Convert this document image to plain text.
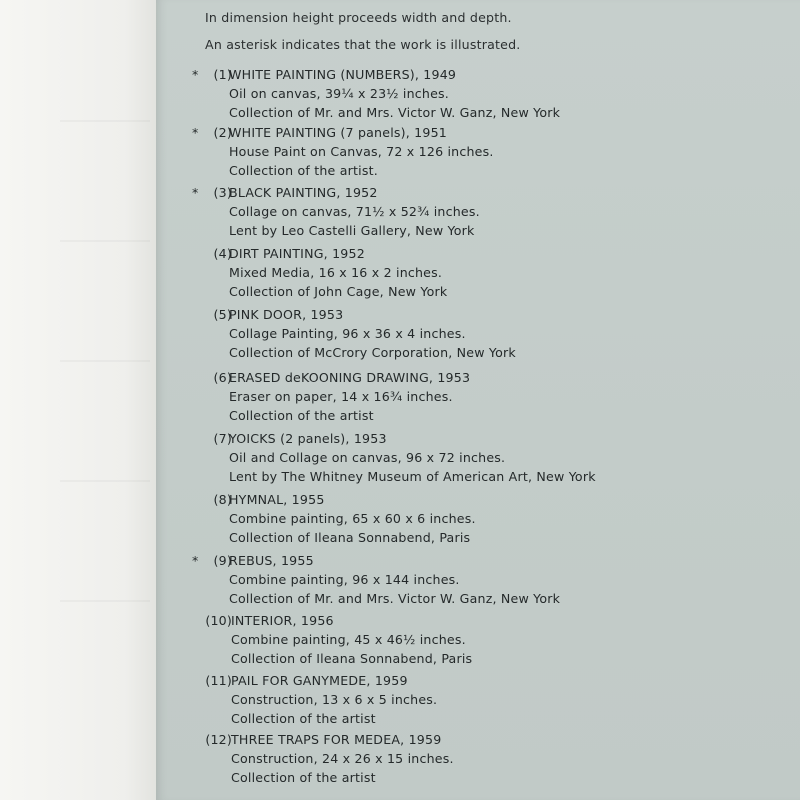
In dimension height proceeds width and depth.
An asterisk indicates that the work is illustrated.
* (1)
WHITE PAINTING (NUMBERS), 1949
Oil on canvas, 39¼ x 23½ inches.
Collection of Mr. and Mrs. Victor W. Ganz, New York
* (2)
WHITE PAINTING (7 panels), 1951
House Paint on Canvas, 72 x 126 inches.
Collection of the artist.
* (3)
BLACK PAINTING, 1952
Collage on canvas, 71½ x 52¾ inches.
Lent by Leo Castelli Gallery, New York
(4)
DIRT PAINTING, 1952
Mixed Media, 16 x 16 x 2 inches.
Collection of John Cage, New York
(5)
PINK DOOR, 1953
Collage Painting, 96 x 36 x 4 inches.
Collection of McCrory Corporation, New York
(6)
ERASED deKOONING DRAWING, 1953
Eraser on paper, 14 x 16¾ inches.
Collection of the artist
(7)
YOICKS (2 panels), 1953
Oil and Collage on canvas, 96 x 72 inches.
Lent by The Whitney Museum of American Art, New York
(8)
HYMNAL, 1955
Combine painting, 65 x 60 x 6 inches.
Collection of Ileana Sonnabend, Paris
* (9)
REBUS, 1955
Combine painting, 96 x 144 inches.
Collection of Mr. and Mrs. Victor W. Ganz, New York
(10) INTERIOR, 1956
Combine painting, 45 x 46½ inches.
Collection of Ileana Sonnabend, Paris
(11) PAIL FOR GANYMEDE, 1959
Construction, 13 x 6 x 5 inches.
Collection of the artist
(12) THREE TRAPS FOR MEDEA, 1959
Construction, 24 x 26 x 15 inches.
Collection of the artist
